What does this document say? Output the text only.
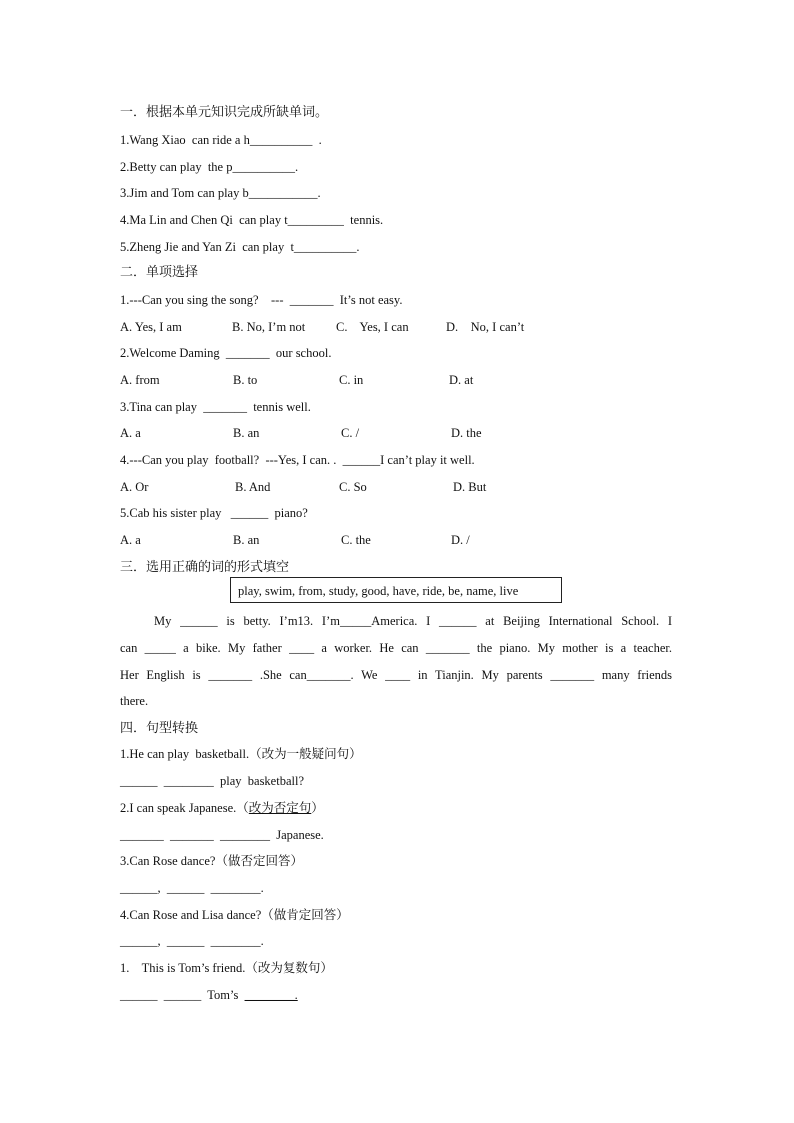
一．根据本单元知识完成所缺单词。
1.Wang Xiao  can ride a h__________  .
2.Betty can play  the p__________.
3.Jim and Tom can play b___________.
4.Ma Lin and Chen Qi  can play t_________  tennis.
5.Zheng Jie and Yan Zi  can play  t__________.
二．单项选择
1.---Can you sing the song?    ---  _______  It’s not easy.
A. Yes, I am	B. No, I’m not C.    Yes, I can	D.    No, I can’t
2.Welcome Daming  _______  our school.
A. from	B. to	C. in	D. at
3.Tina can play  _______  tennis well.
A. a	B. an	C. /	D. the
4.---Can you play  football?  ---Yes, I can. .  ______I can’t play it well.
A. Or	B. And	C. So	D. But
5.Cab his sister play   ______  piano?
A. a	B. an	C. the	D. /
三．选用正确的词的形式填空
play, swim, from, study, good, have, ride, be, name, live
My ______ is betty. I’m13. I’m_____America. I ______ at Beijing International School. I
can _____ a bike. My father ____ a worker. He can _______ the piano. My mother is a teacher.
Her English is _______ .She can_______. We ____ in Tianjin. My parents _______ many friends
there.
四．句型转换
1.He can play  basketball.（改为一般疑问句）
______  ________  play  basketball?
2.I can speak Japanese.（改为否定句）
_______  _______  ________  Japanese.
3.Can Rose dance?（做否定回答）
______,  ______  ________.
4.Can Rose and Lisa dance?（做肯定回答）
______,  ______  ________.
1.    This is Tom’s friend.（改为复数句）
______  ______  Tom’s  ________.
